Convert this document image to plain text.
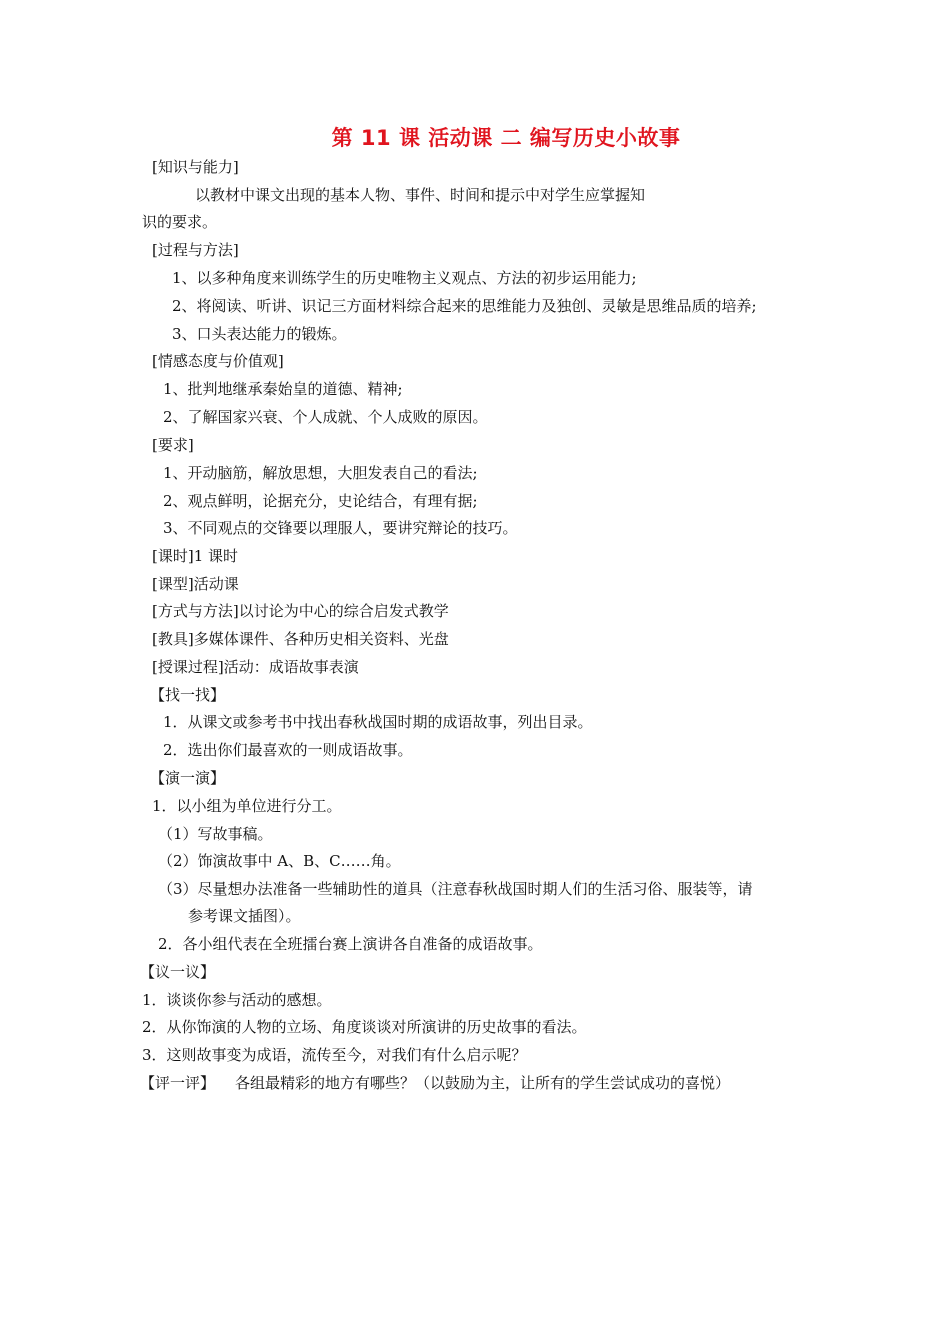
第 11 课 活动课 二 编写历史小故事
[知识与能力]
以教材中课文出现的基本人物、事件、时间和提示中对学生应掌握知
识的要求。
[过程与方法]
1、以多种角度来训练学生的历史唯物主义观点、方法的初步运用能力;
2、将阅读、听讲、识记三方面材料综合起来的思维能力及独创、灵敏是思维品质的培养;
3、口头表达能力的锻炼。
[情感态度与价值观]
1、批判地继承秦始皇的道德、精神;
2、了解国家兴衰、个人成就、个人成败的原因。
[要求]
1、开动脑筋，解放思想，大胆发表自己的看法;
2、观点鲜明，论据充分，史论结合，有理有据;
3、不同观点的交锋要以理服人，要讲究辩论的技巧。
[课时]1 课时
[课型]活动课
[方式与方法]以讨论为中心的综合启发式教学
[教具]多媒体课件、各种历史相关资料、光盘
[授课过程]活动：成语故事表演
【找一找】
1．从课文或参考书中找出春秋战国时期的成语故事，列出目录。
2．选出你们最喜欢的一则成语故事。
【演一演】
1．以小组为单位进行分工。
（1）写故事稿。
（2）饰演故事中 A、B、C……角。
（3）尽量想办法准备一些辅助性的道具（注意春秋战国时期人们的生活习俗、服装等，请
参考课文插图）。
2．各小组代表在全班擂台赛上演讲各自准备的成语故事。
【议一议】
1．谈谈你参与活动的感想。
2．从你饰演的人物的立场、角度谈谈对所演讲的历史故事的看法。
3．这则故事变为成语，流传至今，对我们有什么启示呢？
【评一评】 各组最精彩的地方有哪些？（以鼓励为主，让所有的学生尝试成功的喜悦）
